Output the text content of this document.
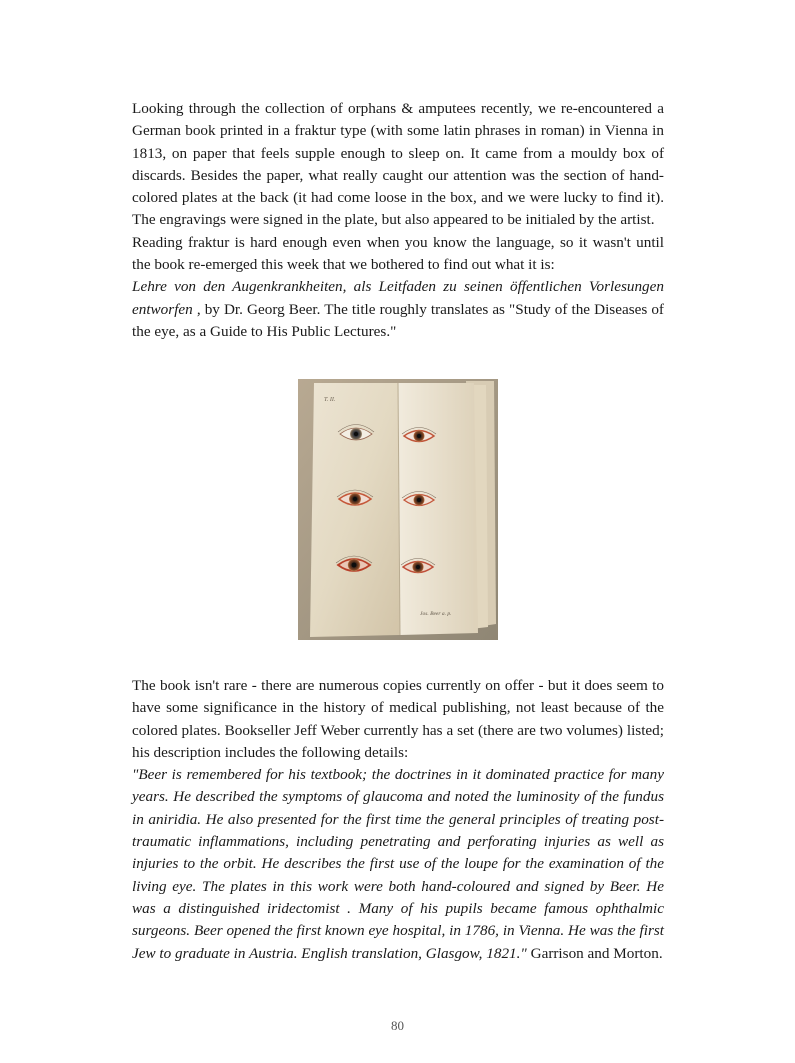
Looking through the collection of orphans & amputees recently, we re-encountered a German book printed in a fraktur type (with some latin phrases in roman) in Vienna in 1813, on paper that feels supple enough to sleep on. It came from a mouldy box of discards. Besides the paper, what really caught our attention was the section of hand-colored plates at the back (it had come loose in the box, and we were lucky to find it). The engravings were signed in the plate, but also appeared to be initialed by the artist.

Reading fraktur is hard enough even when you know the language, so it wasn't until the book re-emerged this week that we bothered to find out what it is:

Lehre von den Augenkrankheiten, als Leitfaden zu seinen öffentlichen Vorlesungen entworfen , by Dr. Georg Beer. The title roughly translates as "Study of the Diseases of the eye, as a Guide to His Public Lectures."

T. II.
Jos. Beer a. p.

The book isn't rare - there are numerous copies currently on offer - but it does seem to have some significance in the history of medical publishing, not least because of the colored plates. Bookseller Jeff Weber currently has a set (there are two volumes) listed; his description includes the following details:

"Beer is remembered for his textbook; the doctrines in it dominated practice for many years. He described the symptoms of glaucoma and noted the luminosity of the fundus in aniridia. He also presented for the first time the general principles of treating post-traumatic inflammations, including penetrating and perforating injuries as well as injuries to the orbit. He describes the first use of the loupe for the examination of the living eye. The plates in this work were both hand-coloured and signed by Beer. He was a distinguished iridectomist . Many of his pupils became famous ophthalmic surgeons. Beer opened the first known eye hospital, in 1786, in Vienna. He was the first Jew to graduate in Austria. English translation, Glasgow, 1821." Garrison and Morton.

80
